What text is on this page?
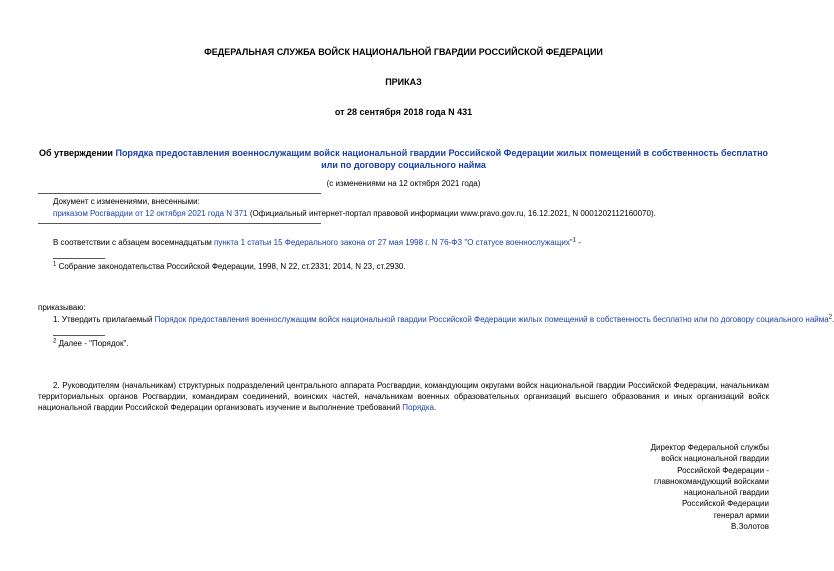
ФЕДЕРАЛЬНАЯ СЛУЖБА ВОЙСК НАЦИОНАЛЬНОЙ ГВАРДИИ РОССИЙСКОЙ ФЕДЕРАЦИИ
ПРИКАЗ
от 28 сентября 2018 года N 431
Об утверждении Порядка предоставления военнослужащим войск национальной гвардии Российской Федерации жилых помещений в собственность бесплатно или по договору социального найма
(с изменениями на 12 октября 2021 года)
Документ с изменениями, внесенными:
приказом Росгвардии от 12 октября 2021 года N 371 (Официальный интернет-портал правовой информации www.pravo.gov.ru, 16.12.2021, N 0001202112160070).
В соответствии с абзацем восемнадцатым пункта 1 статьи 15 Федерального закона от 27 мая 1998 г. N 76-ФЗ "О статусе военнослужащих"$^1$ -
$^1$ Собрание законодательства Российской Федерации, 1998, N 22, ст.2331; 2014, N 23, ст.2930.
приказываю:
1. Утвердить прилагаемый Порядок предоставления военнослужащим войск национальной гвардии Российской Федерации жилых помещений в собственность бесплатно или по договору социального найма$^2$
$^2$ Далее - "Порядок".
2. Руководителям (начальникам) структурных подразделений центрального аппарата Росгвардии, командующим округами войск национальной гвардии Российской Федерации, начальникам территориальных органов Росгвардии, командирам соединений, воинских частей, начальникам военных образовательных организаций высшего образования и иных организаций войск национальной гвардии Российской Федерации организовать изучение и выполнение требований Порядка.
Директор Федеральной службы
войск национальной гвардии
Российской Федерации -
главнокомандующий войсками
национальной гвардии
Российской Федерации
генерал армии
В.Золотов
